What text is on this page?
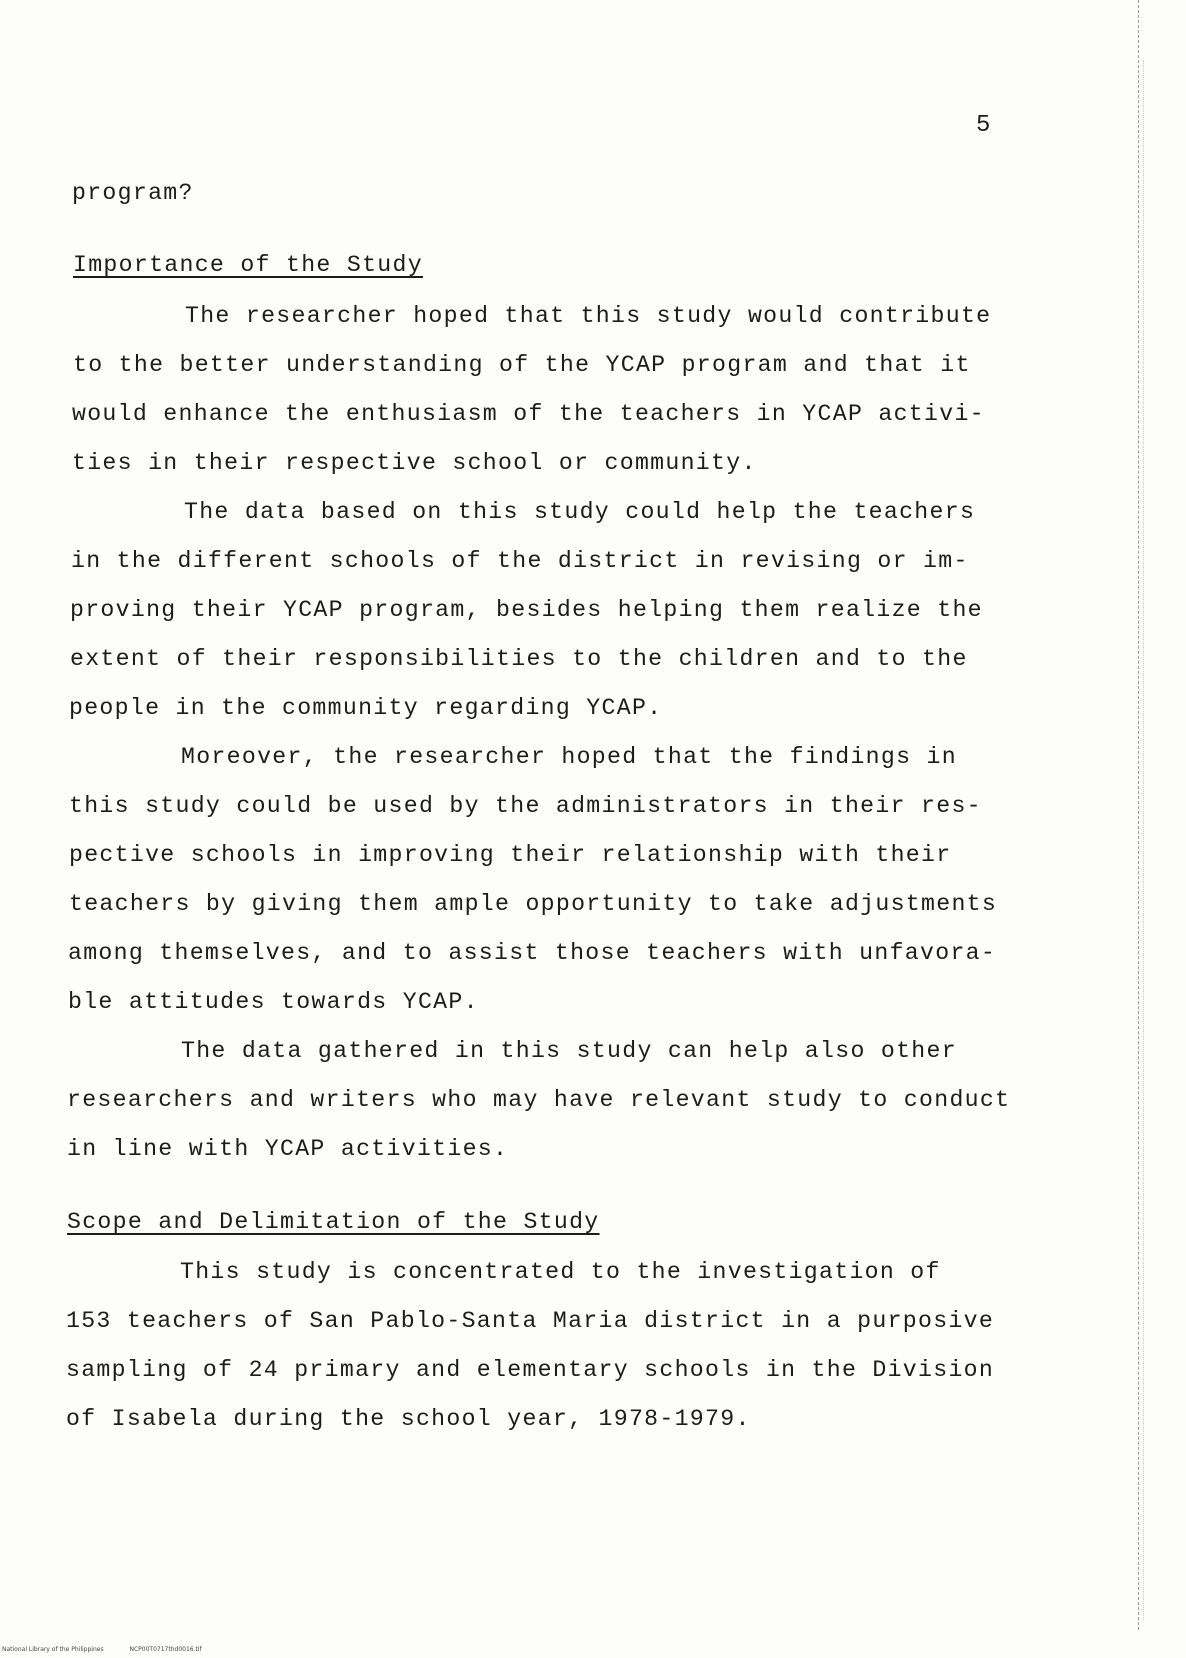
5
program?
Importance of the Study
The researcher hoped that this study would contribute
to the better understanding of the YCAP program and that it
would enhance the enthusiasm of the teachers in YCAP activi-
ties in their respective school or community.
The data based on this study could help the teachers
in the different schools of the district in revising or im-
proving their YCAP program, besides helping them realize the
extent of their responsibilities to the children and to the
people in the community regarding YCAP.
Moreover, the researcher hoped that the findings in
this study could be used by the administrators in their res-
pective schools in improving their relationship with their
teachers by giving them ample opportunity to take adjustments
among themselves, and to assist those teachers with unfavora-
ble attitudes towards YCAP.
The data gathered in this study can help also other
researchers and writers who may have relevant study to conduct
in line with YCAP activities.
Scope and Delimitation of the Study
This study is concentrated to the investigation of
153 teachers of San Pablo-Santa Maria district in a purposive
sampling of 24 primary and elementary schools in the Division
of Isabela during the school year, 1978-1979.
National Library of the Philippines	NCP00T0717thd0016.tif
